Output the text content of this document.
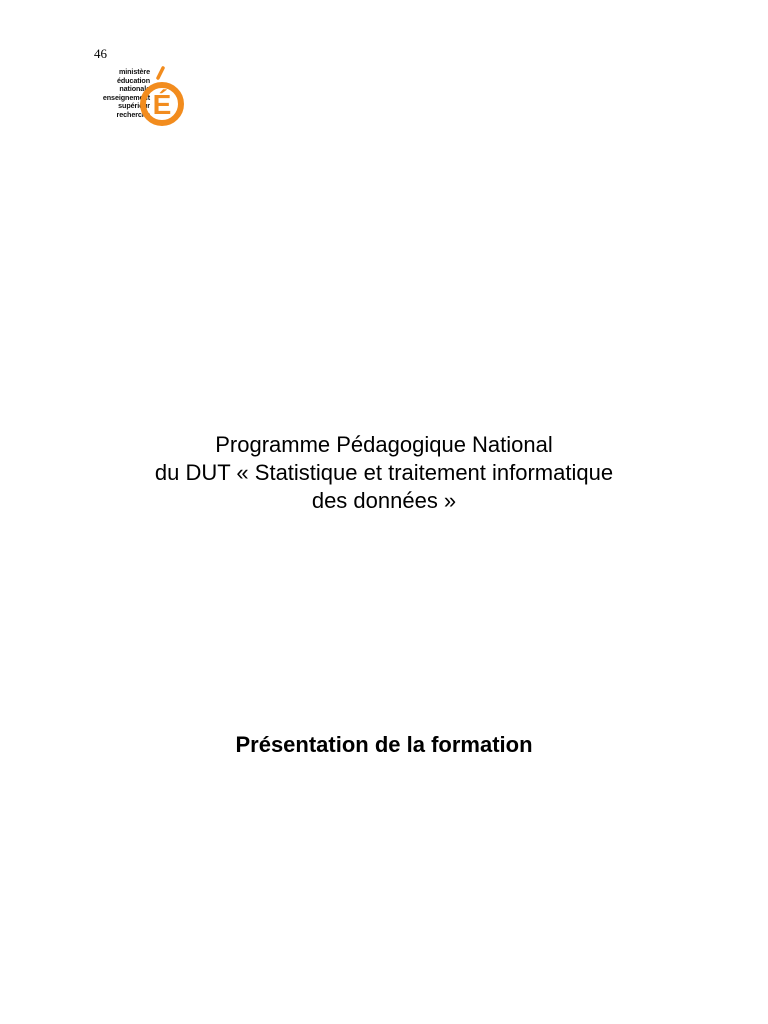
46
ministère
éducation
nationale
enseignement
supérieur
recherche É
Programme Pédagogique National
du DUT « Statistique et traitement informatique
des données »
Présentation de la formation
